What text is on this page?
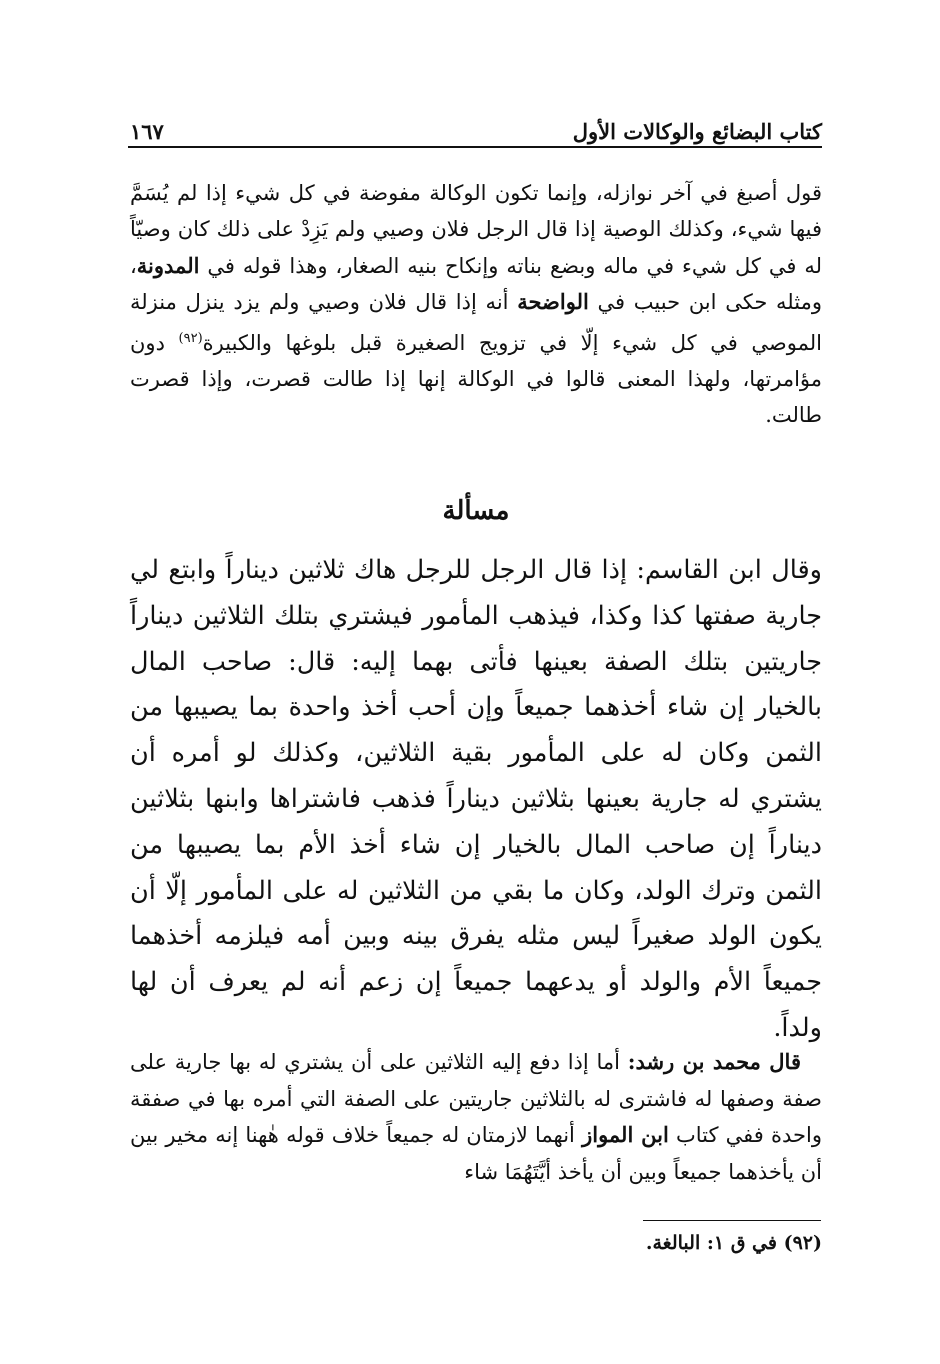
كتاب البضائع والوكالات الأول
١٦٧

قول أصبغ في آخر نوازله، وإنما تكون الوكالة مفوضة في كل شيء إذا لم يُسَمَّ فيها شيء، وكذلك الوصية إذا قال الرجل فلان وصيي ولم يَزِدْ على ذلك كان وصيّاً له في كل شيء في ماله وبضع بناته وإنكاح بنيه الصغار، وهذا قوله في المدونة، ومثله حكى ابن حبيب في الواضحة أنه إذا قال فلان وصيي ولم يزد ينزل منزلة الموصي في كل شيء إلّا في تزويج الصغيرة قبل بلوغها والكبيرة$^{(٩٢)}$ دون مؤامرتها، ولهذا المعنى قالوا في الوكالة إنها إذا طالت قصرت، وإذا قصرت طالت.

مسألة

وقال ابن القاسم: إذا قال الرجل للرجل هاك ثلاثين ديناراً وابتع لي جارية صفتها كذا وكذا، فيذهب المأمور فيشتري بتلك الثلاثين ديناراً جاريتين بتلك الصفة بعينها فأتى بهما إليه: قال: صاحب المال بالخيار إن شاء أخذهما جميعاً وإن أحب أخذ واحدة بما يصيبها من الثمن وكان له على المأمور بقية الثلاثين، وكذلك لو أمره أن يشتري له جارية بعينها بثلاثين ديناراً فذهب فاشتراها وابنها بثلاثين ديناراً إن صاحب المال بالخيار إن شاء أخذ الأم بما يصيبها من الثمن وترك الولد، وكان ما بقي من الثلاثين له على المأمور إلّا أن يكون الولد صغيراً ليس مثله يفرق بينه وبين أمه فيلزمه أخذهما جميعاً الأم والولد أو يدعهما جميعاً إن زعم أنه لم يعرف أن لها ولداً.

 قال محمد بن رشد: أما إذا دفع إليه الثلاثين على أن يشتري له بها جارية على صفة وصفها له فاشترى له بالثلاثين جاريتين على الصفة التي أمره بها في صفقة واحدة ففي كتاب ابن المواز أنهما لازمتان له جميعاً خلاف قوله هٰهنا إنه مخير بين أن يأخذهما جميعاً وبين أن يأخذ أيَّتَهُمَا شاء

(٩٢) في ق ١: البالغة.
